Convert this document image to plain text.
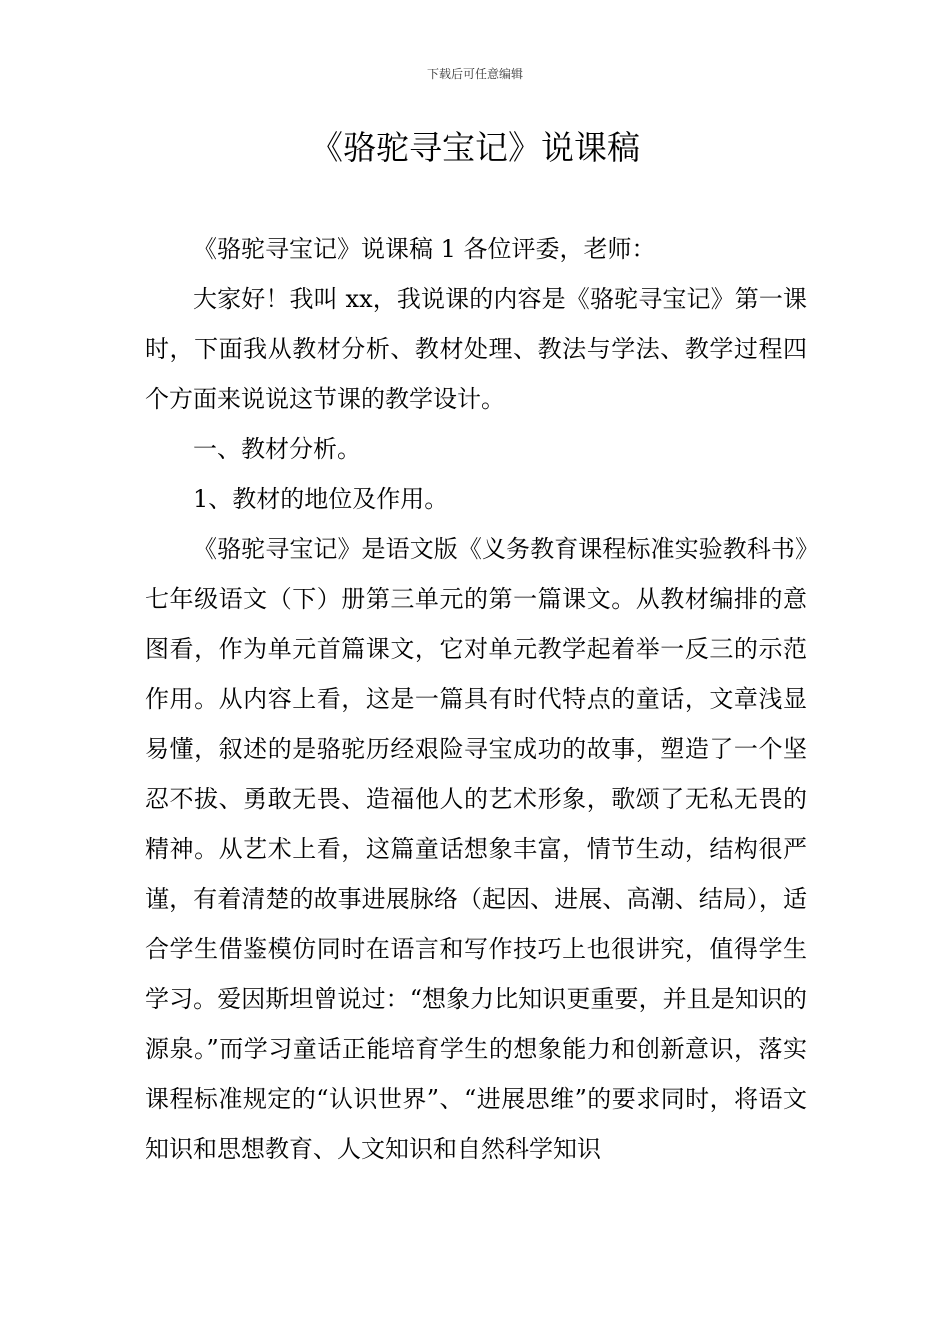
下载后可任意编辑
《骆驼寻宝记》说课稿

《骆驼寻宝记》说课稿 1 各位评委，老师：

大家好！我叫 xx，我说课的内容是《骆驼寻宝记》第一课时，下面我从教材分析、教材处理、教法与学法、教学过程四个方面来说说这节课的教学设计。

一、教材分析。

1、教材的地位及作用。

《骆驼寻宝记》是语文版《义务教育课程标准实验教科书》七年级语文（下）册第三单元的第一篇课文。从教材编排的意图看，作为单元首篇课文，它对单元教学起着举一反三的示范作用。从内容上看，这是一篇具有时代特点的童话，文章浅显易懂，叙述的是骆驼历经艰险寻宝成功的故事，塑造了一个坚忍不拔、勇敢无畏、造福他人的艺术形象，歌颂了无私无畏的精神。从艺术上看，这篇童话想象丰富，情节生动，结构很严谨，有着清楚的故事进展脉络（起因、进展、高潮、结局），适合学生借鉴模仿同时在语言和写作技巧上也很讲究，值得学生学习。爱因斯坦曾说过：“想象力比知识更重要，并且是知识的源泉。”而学习童话正能培育学生的想象能力和创新意识，落实课程标准规定的“认识世界”、“进展思维”的要求同时，将语文知识和思想教育、人文知识和自然科学知识
